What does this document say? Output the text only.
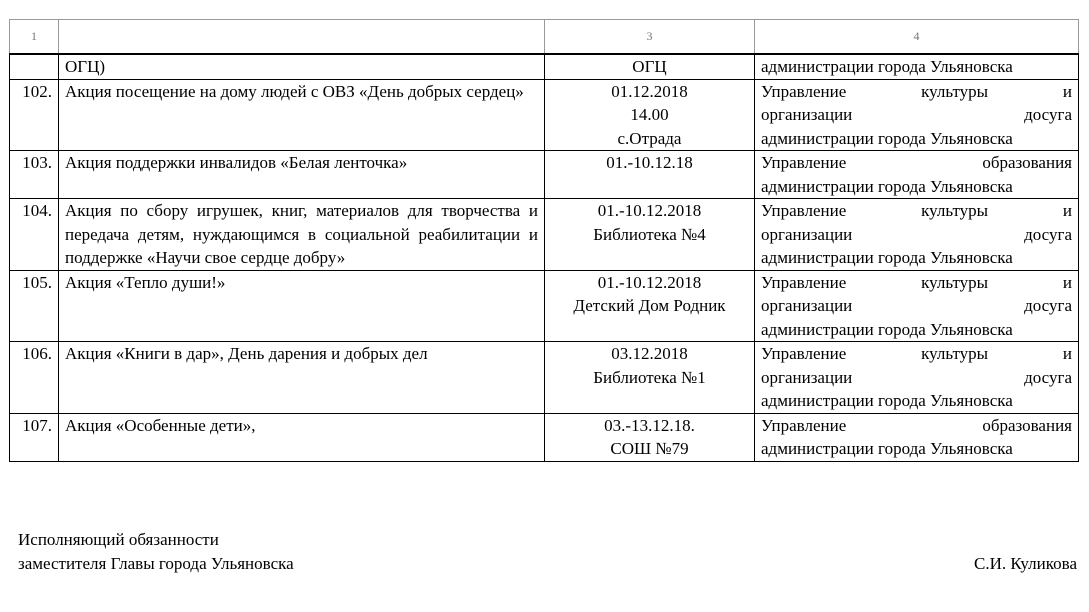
1		3	4
	ОГЦ)	ОГЦ	администрации города Ульяновска
102.	Акция посещение на дому людей с ОВЗ «День добрых сердец»	01.12.2018
14.00
с.Отрада	Управление культуры и
организации досуга
администрации города Ульяновска

103.	Акция поддержки инвалидов «Белая ленточка»	01.-10.12.18	Управление образования
администрации города Ульяновска

104.	Акция по сбору игрушек, книг, материалов для творчества и передача детям, нуждающимся в социальной реабилитации и поддержке «Научи свое сердце добру»	01.-10.12.2018
Библиотека №4	Управление культуры и
организации досуга
администрации города Ульяновска

105.	Акция «Тепло души!»	01.-10.12.2018
Детский Дом Родник	Управление культуры и
организации досуга
администрации города Ульяновска

106.	Акция «Книги в дар», День дарения и добрых дел	03.12.2018
Библиотека №1	Управление культуры и
организации досуга
администрации города Ульяновска

107.	Акция «Особенные дети»,	03.-13.12.18.
СОШ №79	Управление образования
администрации города Ульяновска
Исполняющий обязанности
заместителя Главы города Ульяновска	С.И. Куликова
